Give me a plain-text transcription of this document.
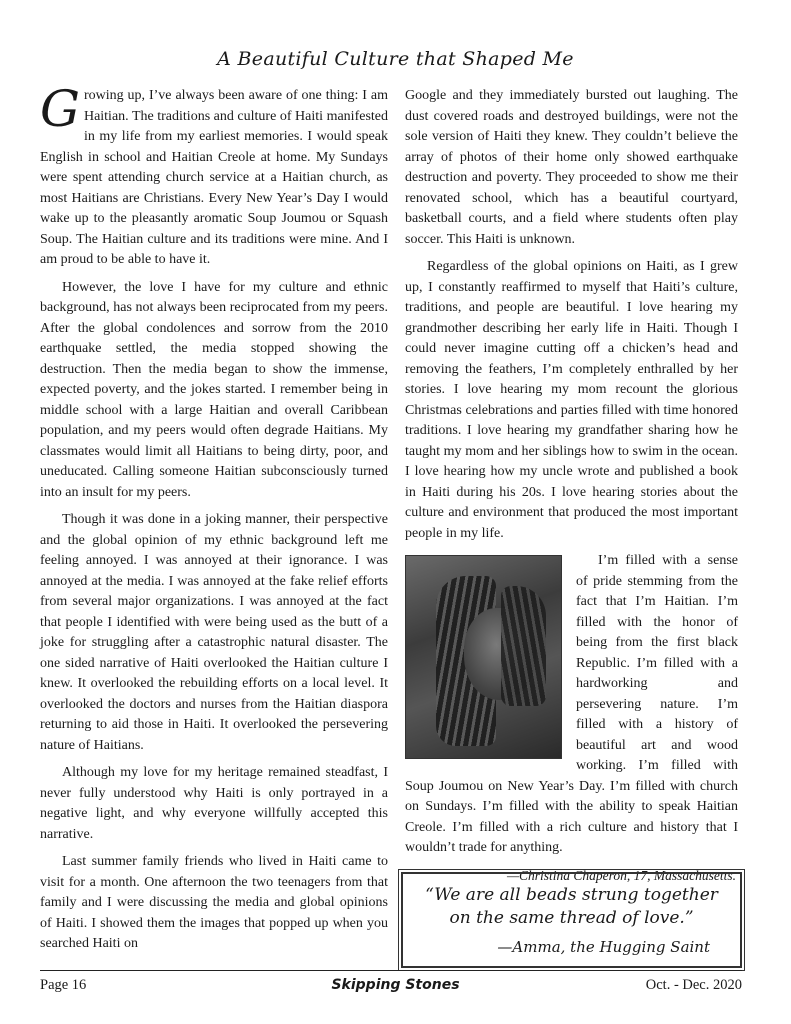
A Beautiful Culture that Shaped Me

Growing up, I’ve always been aware of one thing: I am Haitian. The traditions and culture of Haiti manifested in my life from my earliest memories. I would speak English in school and Haitian Creole at home. My Sundays were spent attending church service at a Haitian church, as most Haitians are Christians. Every New Year’s Day I would wake up to the pleasantly aromatic Soup Joumou or Squash Soup. The Haitian culture and its traditions were mine. And I am proud to be able to have it.

However, the love I have for my culture and ethnic background, has not always been reciprocated from my peers. After the global condolences and sorrow from the 2010 earthquake settled, the media stopped showing the destruction. Then the media began to show the immense, expected poverty, and the jokes started. I remember being in middle school with a large Haitian and overall Caribbean population, and my peers would often degrade Haitians. My classmates would limit all Haitians to being dirty, poor, and uneducated. Calling someone Haitian subconsciously turned into an insult for my peers.

Though it was done in a joking manner, their perspective and the global opinion of my ethnic background left me feeling annoyed. I was annoyed at their ignorance. I was annoyed at the media. I was annoyed at the fake relief efforts from several major organizations. I was annoyed at the fact that people I identified with were being used as the butt of a joke for struggling after a catastrophic natural disaster. The one sided narrative of Haiti overlooked the Haitian culture I knew. It overlooked the rebuilding efforts on a local level. It overlooked the doctors and nurses from the Haitian diaspora returning to aid those in Haiti. It overlooked the persevering nature of Haitians.

Although my love for my heritage remained steadfast, I never fully understood why Haiti is only portrayed in a negative light, and why everyone willfully accepted this narrative.

Last summer family friends who lived in Haiti came to visit for a month. One afternoon the two teenagers from that family and I were discussing the media and global opinions of Haiti. I showed them the images that popped up when you searched Haiti on

Google and they immediately bursted out laughing. The dust covered roads and destroyed buildings, were not the sole version of Haiti they knew. They couldn’t believe the array of photos of their home only showed earthquake destruction and poverty. They proceeded to show me their renovated school, which has a beautiful courtyard, basketball courts, and a field where students often play soccer. This Haiti is unknown.

Regardless of the global opinions on Haiti, as I grew up, I constantly reaffirmed to myself that Haiti’s culture, traditions, and people are beautiful. I love hearing my grandmother describing her early life in Haiti. Though I could never imagine cutting off a chicken’s head and removing the feathers, I’m completely enthralled by her stories. I love hearing my mom recount the glorious Christmas celebrations and parties filled with time honored traditions. I love hearing my grandfather sharing how he taught my mom and her siblings how to swim in the ocean. I love hearing how my uncle wrote and published a book in Haiti during his 20s. I love hearing stories about the culture and environment that produced the most important people in my life.

I’m filled with a sense of pride stemming from the fact that I’m Haitian. I’m filled with the honor of being from the first black Republic. I’m filled with a hardworking and persevering nature. I’m filled with a history of beautiful art and wood working. I’m filled with Soup Joumou on New Year’s Day. I’m filled with church on Sundays. I’m filled with the ability to speak Haitian Creole. I’m filled with a rich culture and history that I wouldn’t trade for anything.

—Christina Chaperon, 17, Massachusetts.
“We are all beads strung together
on the same thread of love.”
—Amma, the Hugging Saint
Page 16	Skipping Stones	Oct. - Dec. 2020
